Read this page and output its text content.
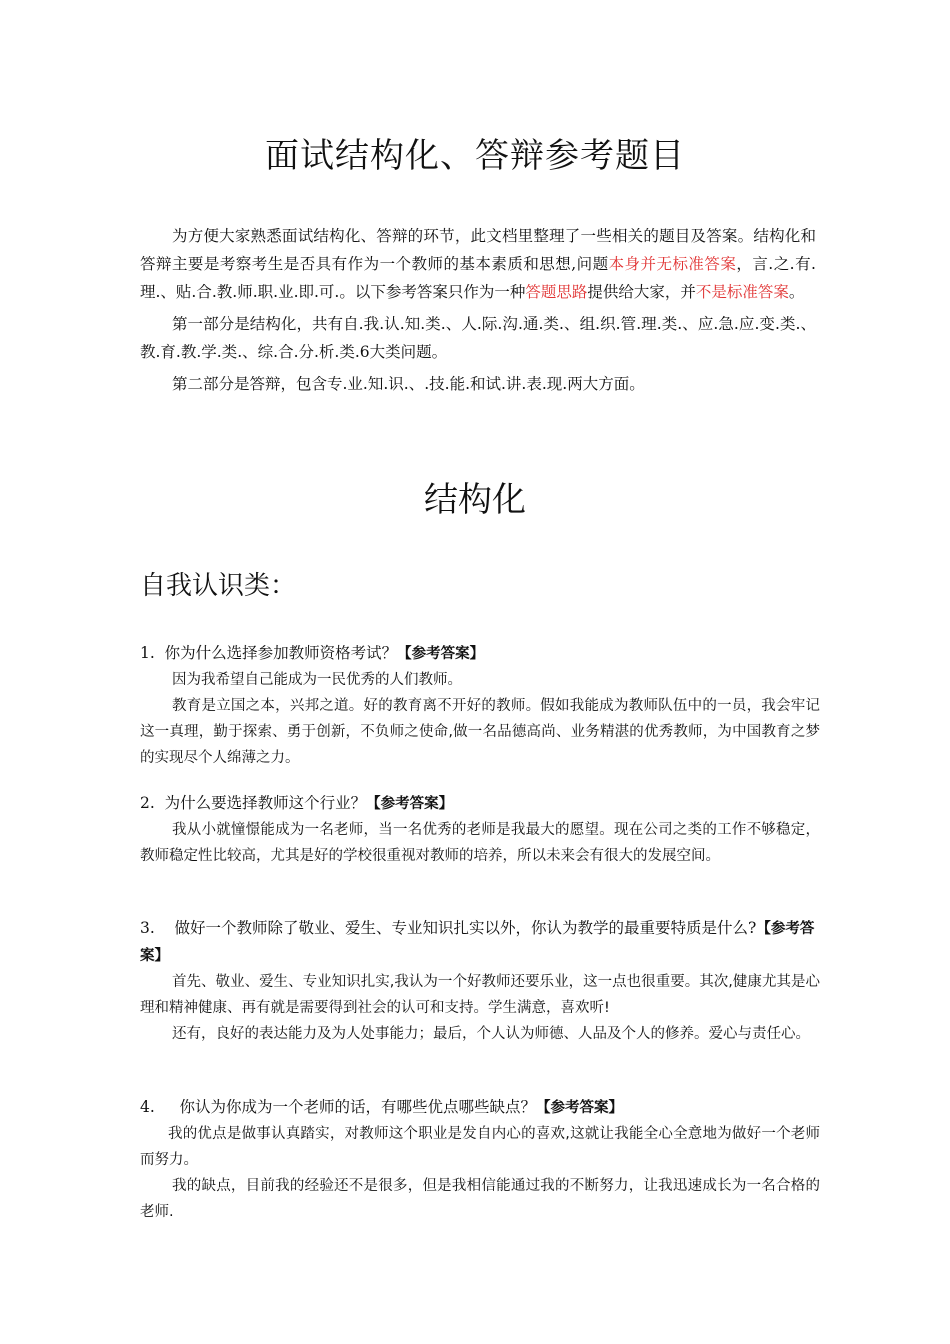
面试结构化、答辩参考题目

为方便大家熟悉面试结构化、答辩的环节，此文档里整理了一些相关的题目及答案。结构化和答辩主要是考察考生是否具有作为一个教师的基本素质和思想,问题本身并无标准答案，言.之.有.理.、贴.合.教.师.职.业.即.可.。以下参考答案只作为一种答题思路提供给大家，并不是标准答案。

第一部分是结构化，共有自.我.认.知.类.、人.际.沟.通.类.、组.织.管.理.类.、应.急.应.变.类.、教.育.教.学.类.、综.合.分.析.类.6大类问题。

第二部分是答辩，包含专.业.知.识.、.技.能.和试.讲.表.现.两大方面。

结构化
自我认识类：

1. 你为什么选择参加教师资格考试？【参考答案】

因为我希望自己能成为一民优秀的人们教师。

教育是立国之本，兴邦之道。好的教育离不开好的教师。假如我能成为教师队伍中的一员，我会牢记这一真理，勤于探索、勇于创新，不负师之使命,做一名品德高尚、业务精湛的优秀教师，为中国教育之梦的实现尽个人绵薄之力。

2. 为什么要选择教师这个行业？【参考答案】

我从小就憧憬能成为一名老师，当一名优秀的老师是我最大的愿望。现在公司之类的工作不够稳定，教师稳定性比较高，尤其是好的学校很重视对教师的培养，所以未来会有很大的发展空间。

3. 做好一个教师除了敬业、爱生、专业知识扎实以外，你认为教学的最重要特质是什么?【参考答案】

首先、敬业、爱生、专业知识扎实,我认为一个好教师还要乐业，这一点也很重要。其次,健康尤其是心理和精神健康、再有就是需要得到社会的认可和支持。学生满意，喜欢听!

还有，良好的表达能力及为人处事能力；最后，个人认为师德、人品及个人的修养。爱心与责任心。

4. 你认为你成为一个老师的话，有哪些优点哪些缺点？【参考答案】

我的优点是做事认真踏实，对教师这个职业是发自内心的喜欢,这就让我能全心全意地为做好一个老师而努力。

我的缺点，目前我的经验还不是很多，但是我相信能通过我的不断努力，让我迅速成长为一名合格的老师.
